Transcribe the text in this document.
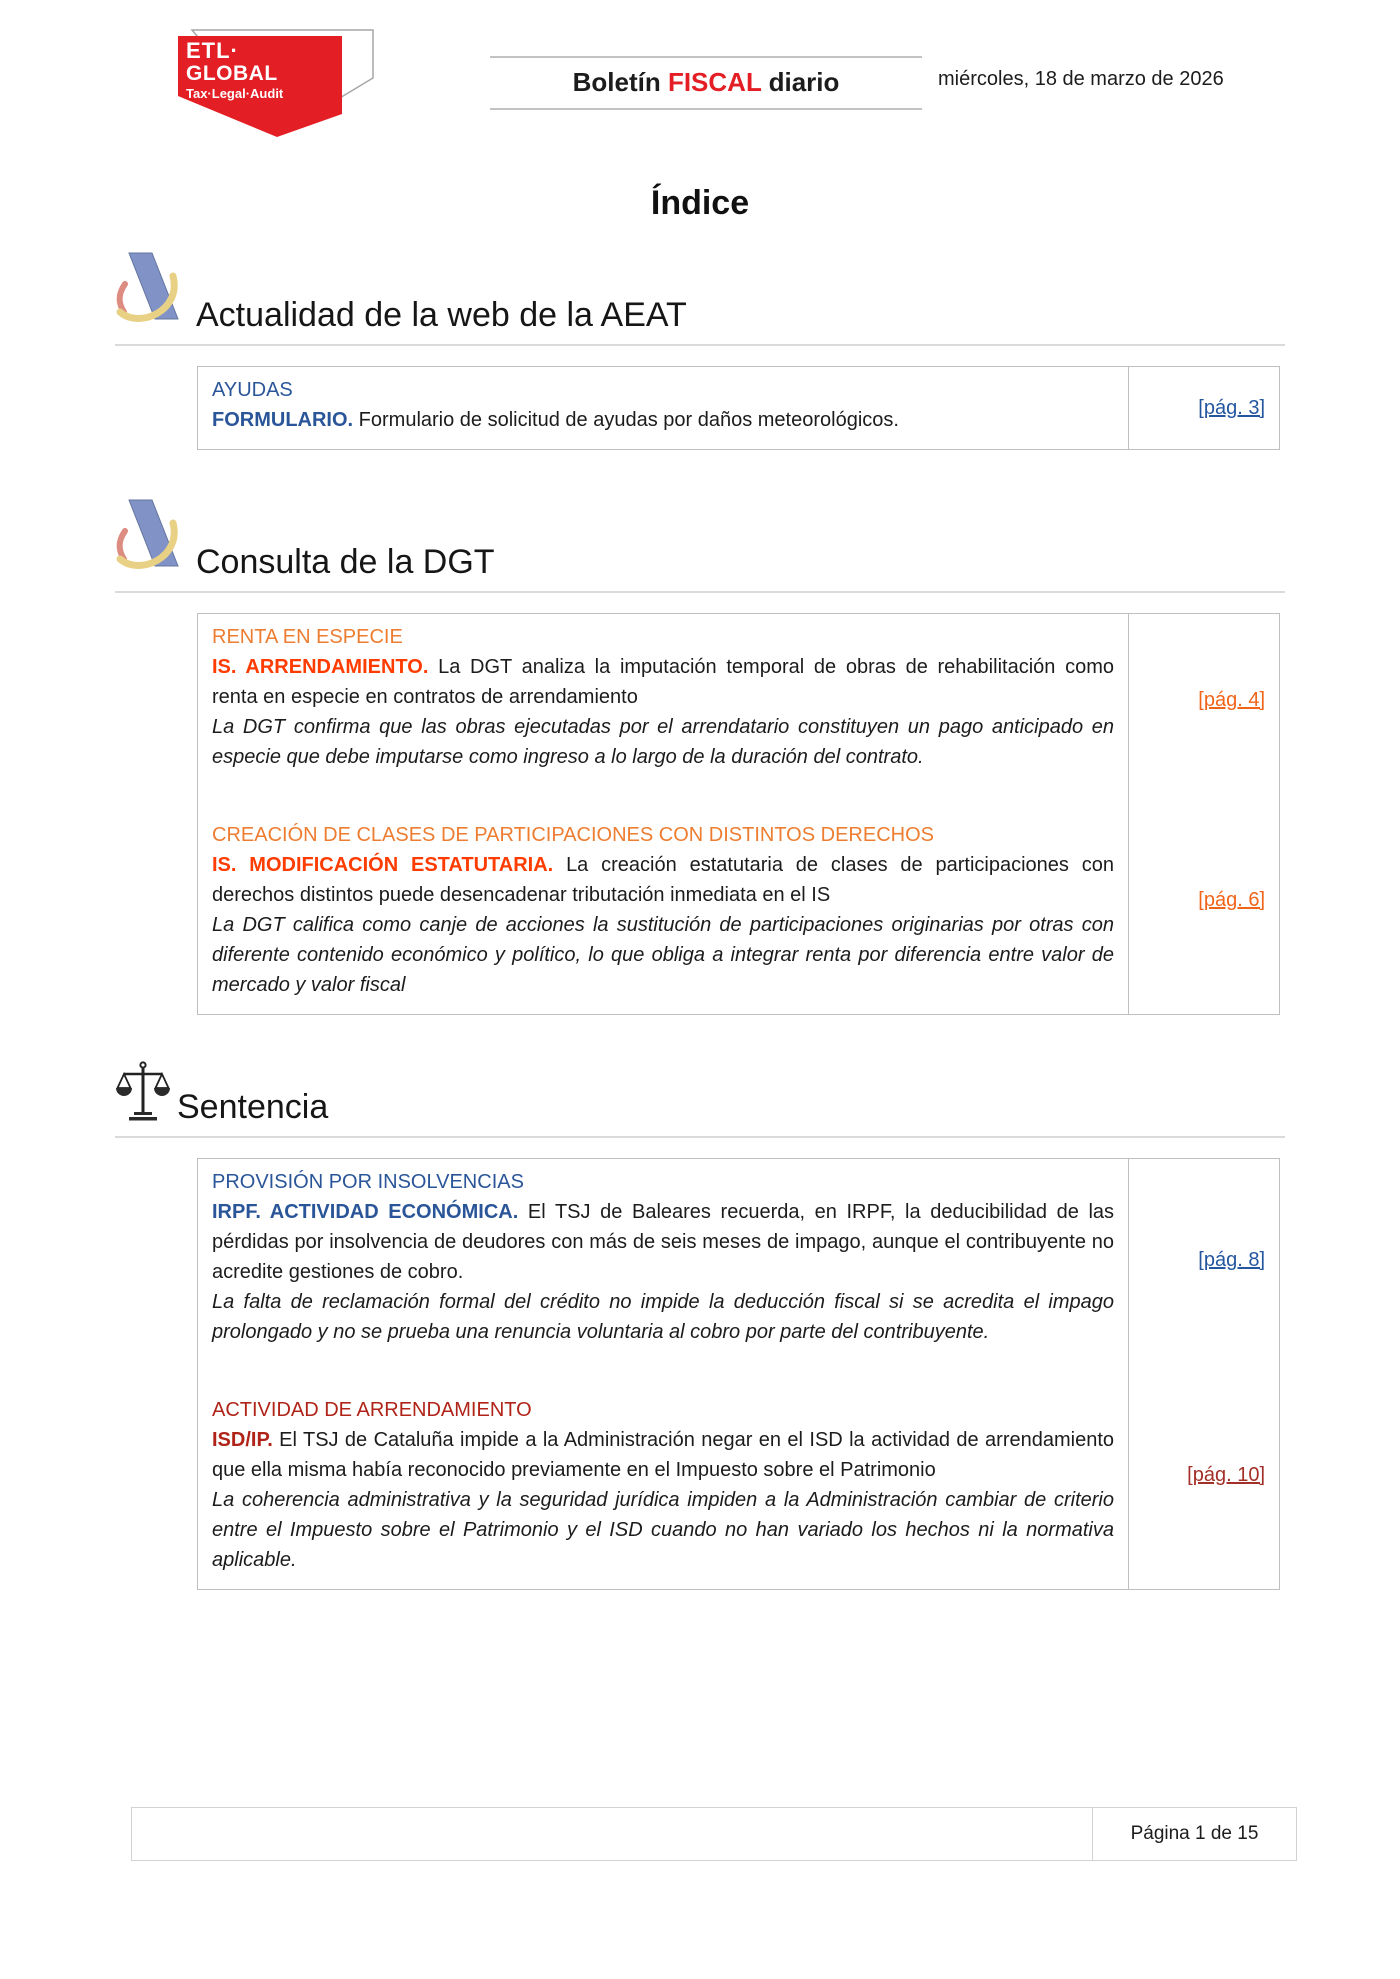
ETL·
GLOBAL
Tax·Legal·Audit	Boletín FISCAL diario	miércoles, 18 de marzo de 2026
Índice
Actualidad de la web de la AEAT
AYUDAS

FORMULARIO. Formulario de solicitud de ayudas por daños meteorológicos.

[pág. 3]
Consulta de la DGT
RENTA EN ESPECIE

IS. ARRENDAMIENTO. La DGT analiza la imputación temporal de obras de rehabilitación como renta en especie en contratos de arrendamiento

La DGT confirma que las obras ejecutadas por el arrendatario constituyen un pago anticipado en especie que debe imputarse como ingreso a lo largo de la duración del contrato.

[pág. 4]
CREACIÓN DE CLASES DE PARTICIPACIONES CON DISTINTOS DERECHOS

IS. MODIFICACIÓN ESTATUTARIA. La creación estatutaria de clases de participaciones con derechos distintos puede desencadenar tributación inmediata en el IS

La DGT califica como canje de acciones la sustitución de participaciones originarias por otras con diferente contenido económico y político, lo que obliga a integrar renta por diferencia entre valor de mercado y valor fiscal

[pág. 6]
Sentencia
PROVISIÓN POR INSOLVENCIAS

IRPF. ACTIVIDAD ECONÓMICA. El TSJ de Baleares recuerda, en IRPF, la deducibilidad de las pérdidas por insolvencia de deudores con más de seis meses de impago, aunque el contribuyente no acredite gestiones de cobro.

La falta de reclamación formal del crédito no impide la deducción fiscal si se acredita el impago prolongado y no se prueba una renuncia voluntaria al cobro por parte del contribuyente.

[pág. 8]
ACTIVIDAD DE ARRENDAMIENTO

ISD/IP. El TSJ de Cataluña impide a la Administración negar en el ISD la actividad de arrendamiento que ella misma había reconocido previamente en el Impuesto sobre el Patrimonio

La coherencia administrativa y la seguridad jurídica impiden a la Administración cambiar de criterio entre el Impuesto sobre el Patrimonio y el ISD cuando no han variado los hechos ni la normativa aplicable.

[pág. 10]
Página 1 de 15
